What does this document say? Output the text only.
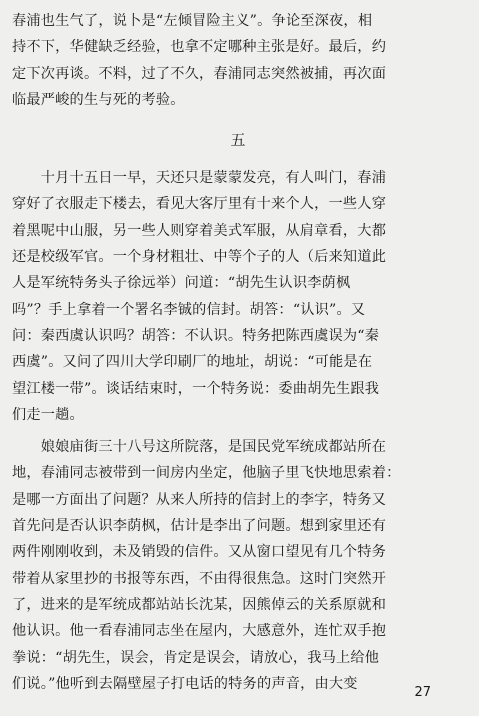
春浦也生气了，说卜是“左倾冒险主义”。争论至深夜，相
持不下，华健缺乏经验，也拿不定哪种主张是好。最后，约
定下次再谈。不料，过了不久，春浦同志突然被捕，再次面
临最严峻的生与死的考验。
五
　　十月十五日一早，天还只是蒙蒙发亮，有人叫门，春浦
穿好了衣服走下楼去，看见大客厅里有十来个人，一些人穿
着黑呢中山服，另一些人则穿着美式军服，从肩章看，大都
还是校级军官。一个身材粗壮、中等个子的人（后来知道此
人是军统特务头子徐远举）问道：“胡先生认识李荫枫
吗”？手上拿着一个署名李铖的信封。胡答：“认识”。又
问：秦西虞认识吗？胡答：不认识。特务把陈西虞误为“秦
西虞”。又问了四川大学印刷厂的地址，胡说：“可能是在
望江楼一带”。谈话结束时，一个特务说：委曲胡先生跟我
们走一趟。
　　娘娘庙街三十八号这所院落，是国民党军统成都站所在
地，春浦同志被带到一间房内坐定，他脑子里飞快地思索着：
是哪一方面出了问题？从来人所持的信封上的李字，特务又
首先问是否认识李荫枫，估计是李出了问题。想到家里还有
两件刚刚收到，未及销毁的信件。又从窗口望见有几个特务
带着从家里抄的书报等东西，不由得很焦急。这时门突然开
了，进来的是军统成都站站长沈某，因熊倬云的关系原就和
他认识。他一看春浦同志坐在屋内，大感意外，连忙双手抱
拳说：“胡先生，误会，肯定是误会，请放心，我马上给他
们说。”他听到去隔壁屋子打电话的特务的声音，由大变
27
